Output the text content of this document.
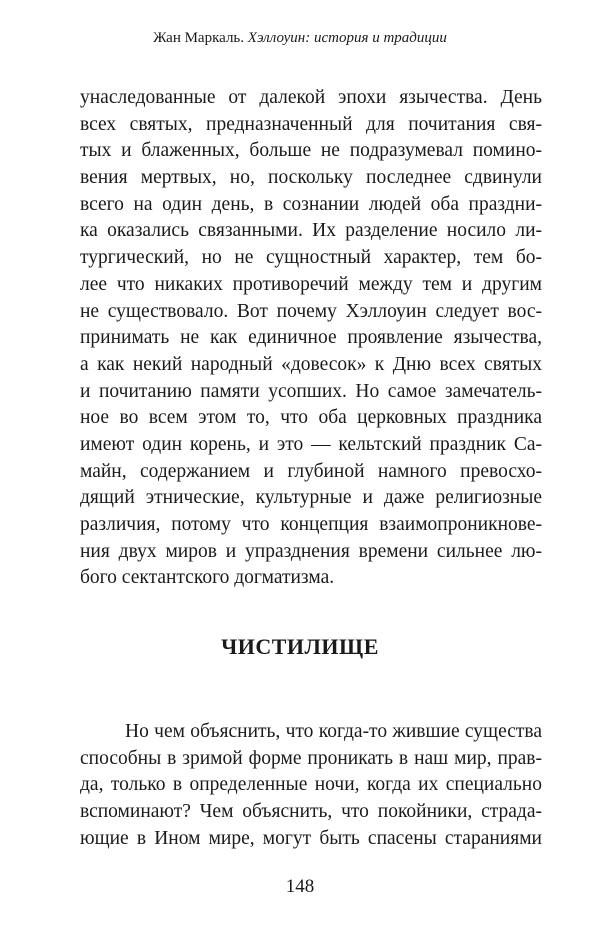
Жан Маркаль. Хэллоуин: история и традиции
унаследованные от далекой эпохи язычества. День
всех святых, предназначенный для почитания свя-
тых и блаженных, больше не подразумевал помино-
вения мертвых, но, поскольку последнее сдвинули
всего на один день, в сознании людей оба праздни-
ка оказались связанными. Их разделение носило ли-
тургический, но не сущностный характер, тем бо-
лее что никаких противоречий между тем и другим
не существовало. Вот почему Хэллоуин следует вос-
принимать не как единичное проявление язычества,
а как некий народный «довесок» к Дню всех святых
и почитанию памяти усопших. Но самое замечатель-
ное во всем этом то, что оба церковных праздника
имеют один корень, и это — кельтский праздник Са-
майн, содержанием и глубиной намного превосхо-
дящий этнические, культурные и даже религиозные
различия, потому что концепция взаимопроникнове-
ния двух миров и упразднения времени сильнее лю-
бого сектантского догматизма.
ЧИСТИЛИЩЕ
Но чем объяснить, что когда-то жившие существа
способны в зримой форме проникать в наш мир, прав-
да, только в определенные ночи, когда их специально
вспоминают? Чем объяснить, что покойники, страда-
ющие в Ином мире, могут быть спасены стараниями
148
